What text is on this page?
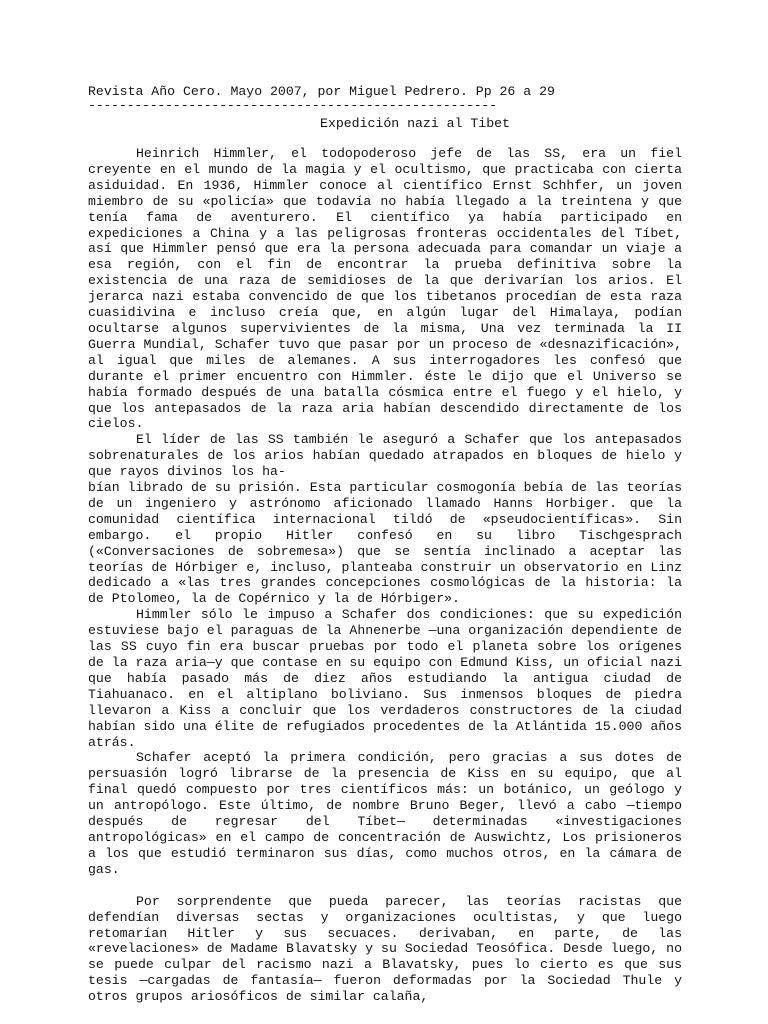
Revista Año Cero. Mayo 2007, por Miguel Pedrero. Pp 26 a 29

-----------------------------------------------------

Expedición nazi al Tibet

Heinrich Himmler, el todopoderoso jefe de las SS, era un fiel creyente en el mundo de la magia y el ocultismo, que practicaba con cierta asiduidad. En 1936, Himmler conoce al científico Ernst Schhfer, un joven miembro de su «policía» que todavía no había llegado a la treintena y que tenía fama de aventurero. El científico ya había participado en expediciones a China y a las peligrosas fronteras occidentales del Tíbet, así que Himmler pensó que era la persona adecuada para comandar un viaje a esa región, con el fin de encontrar la prueba definitiva sobre la existencia de una raza de semidioses de la que derivarían los arios. El jerarca nazi estaba convencido de que los tibetanos procedían de esta raza cuasidivina e incluso creía que, en algún lugar del Himalaya, podían ocultarse algunos supervivientes de la misma, Una vez terminada la II Guerra Mundial, Schafer tuvo que pasar por un proceso de «desnazificación», al igual que miles de alemanes. A sus interrogadores les confesó que durante el primer encuentro con Himmler. éste le dijo que el Universo se había formado después de una batalla cósmica entre el fuego y el hielo, y que los antepasados de la raza aria habían descendido directamente de los cielos.

El líder de las SS también le aseguró a Schafer que los antepasados sobrenaturales de los arios habían quedado atrapados en bloques de hielo y que rayos divinos los ha-

bían librado de su prisión. Esta particular cosmogonía bebía de las teorías de un ingeniero y astrónomo aficionado llamado Hanns Horbiger. que la comunidad científica internacional tildó de «pseudocientíficas». Sin embargo. el propio Hitler confesó en su libro Tischgesprach («Conversaciones de sobremesa») que se sentía inclinado a aceptar las teorías de Hórbiger e, incluso, planteaba construir un observatorio en Linz dedicado a «las tres grandes concepciones cosmológicas de la historia: la de Ptolomeo, la de Copérnico y la de Hórbiger».

Himmler sólo le impuso a Schafer dos condiciones: que su expedición estuviese bajo el paraguas de la Ahnenerbe —una organización dependiente de las SS cuyo fin era buscar pruebas por todo el planeta sobre los orígenes de la raza aria—y que contase en su equipo con Edmund Kiss, un oficial nazi que había pasado más de diez años estudiando la antigua ciudad de Tiahuanaco. en el altiplano boliviano. Sus inmensos bloques de piedra llevaron a Kiss a concluir que los verdaderos constructores de la ciudad habían sido una élite de refugiados procedentes de la Atlántida 15.000 años atrás.

Schafer aceptó la primera condición, pero gracias a sus dotes de persuasión logró librarse de la presencia de Kiss en su equipo, que al final quedó compuesto por tres científicos más: un botánico, un geólogo y un antropólogo. Este último, de nombre Bruno Beger, llevó a cabo —tiempo después de regresar del Tíbet— determinadas «investigaciones antropológicas» en el campo de concentración de Auswichtz, Los prisioneros a los que estudió terminaron sus días, como muchos otros, en la cámara de gas.

Por sorprendente que pueda parecer, las teorías racistas que defendían diversas sectas y organizaciones ocultistas, y que luego retomarían Hitler y sus secuaces. derivaban, en parte, de las «revelaciones» de Madame Blavatsky y su Sociedad Teosófica. Desde luego, no se puede culpar del racismo nazi a Blavatsky, pues lo cierto es que sus tesis —cargadas de fantasía— fueron deformadas por la Sociedad Thule y otros grupos ariosóficos de similar calaña,
